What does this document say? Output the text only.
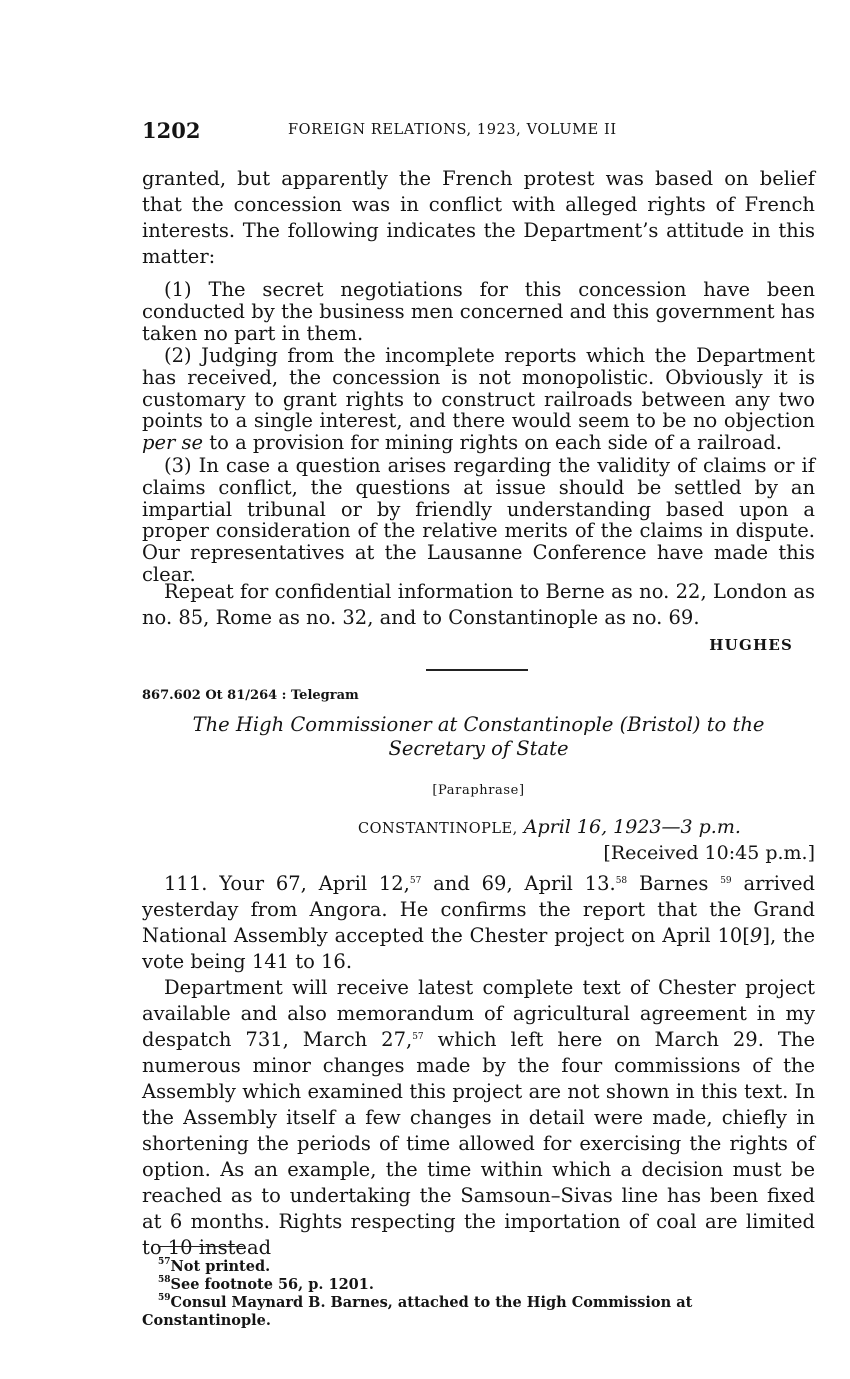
1202	FOREIGN RELATIONS, 1923, VOLUME II

granted, but apparently the French protest was based on belief that the concession was in conflict with alleged rights of French interests. The following indicates the Department’s attitude in this matter:

(1) The secret negotiations for this concession have been conducted by the business men concerned and this government has taken no part in them.

(2) Judging from the incomplete reports which the Department has received, the concession is not monopolistic. Obviously it is customary to grant rights to construct railroads between any two points to a single interest, and there would seem to be no objection per se to a provision for mining rights on each side of a railroad.

(3) In case a question arises regarding the validity of claims or if claims conflict, the questions at issue should be settled by an impartial tribunal or by friendly understanding based upon a proper consideration of the relative merits of the claims in dispute. Our representatives at the Lausanne Conference have made this clear.

Repeat for confidential information to Berne as no. 22, London as no. 85, Rome as no. 32, and to Constantinople as no. 69.

HUGHES
867.602 Ot 81/264 : Telegram

The High Commissioner at Constantinople (Bristol) to the Secretary of State

[Paraphrase]
CONSTANTINOPLE, April 16, 1923—3 p.m.
[Received 10:45 p.m.]

111. Your 67, April 12,57 and 69, April 13.58 Barnes $^{59}$ arrived yesterday from Angora. He confirms the report that the Grand National Assembly accepted the Chester project on April 10[9], the vote being 141 to 16.

Department will receive latest complete text of Chester project available and also memorandum of agricultural agreement in my despatch 731, March 27,57 which left here on March 29. The numerous minor changes made by the four commissions of the Assembly which examined this project are not shown in this text. In the Assembly itself a few changes in detail were made, chiefly in shortening the periods of time allowed for exercising the rights of option. As an example, the time within which a decision must be reached as to undertaking the Samsoun–Sivas line has been fixed at 6 months. Rights respecting the importation of coal are limited to 10 instead

$^{57}$Not printed.

$^{58}$See footnote 56, p. 1201.

$^{59}$Consul Maynard B. Barnes, attached to the High Commission at Constantinople.
